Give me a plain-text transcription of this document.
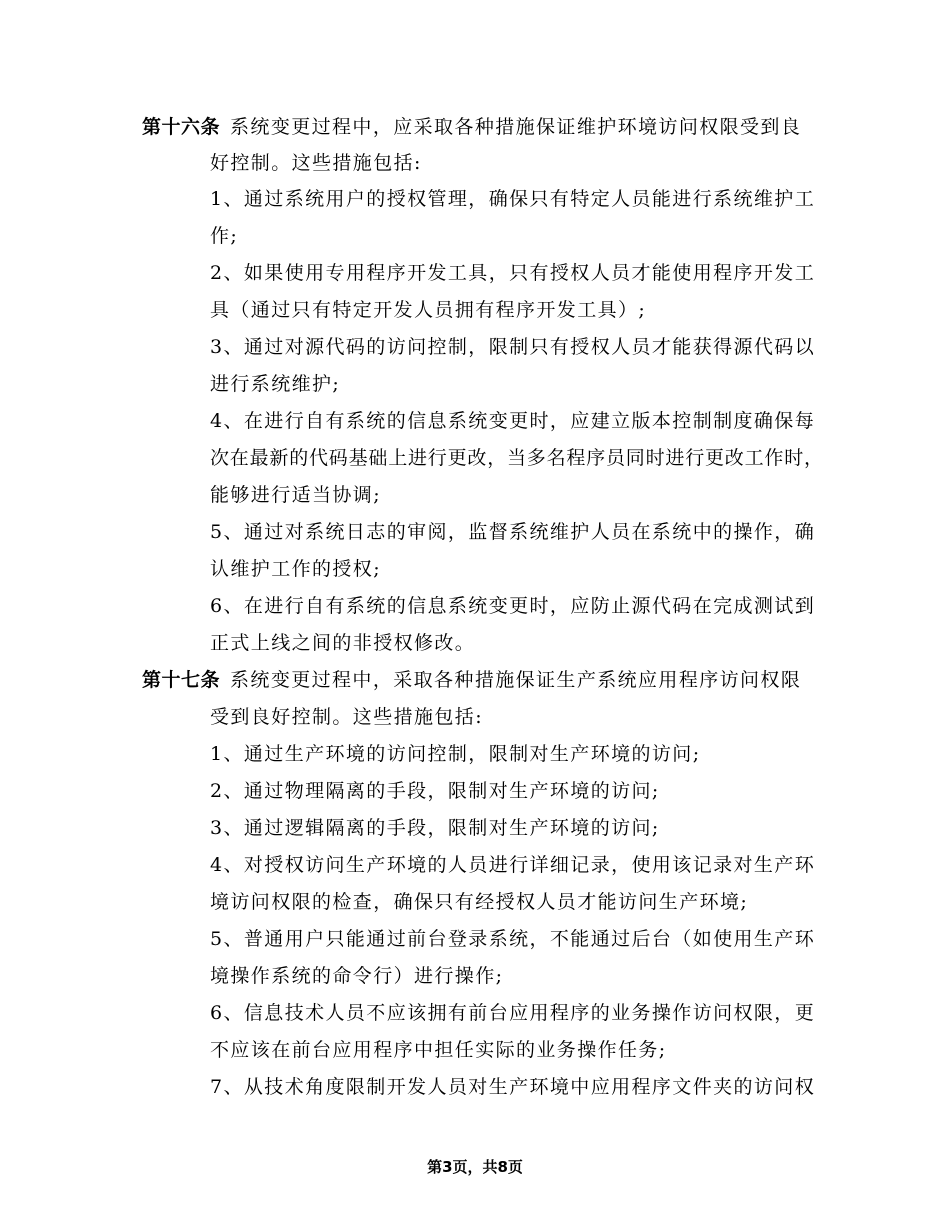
第十六条 系统变更过程中，应采取各种措施保证维护环境访问权限受到良
好控制。这些措施包括:
1、通过系统用户的授权管理，确保只有特定人员能进行系统维护工
作;
2、如果使用专用程序开发工具，只有授权人员才能使用程序开发工
具（通过只有特定开发人员拥有程序开发工具）;
3、通过对源代码的访问控制，限制只有授权人员才能获得源代码以
进行系统维护;
4、在进行自有系统的信息系统变更时，应建立版本控制制度确保每
次在最新的代码基础上进行更改，当多名程序员同时进行更改工作时，
能够进行适当协调;
5、通过对系统日志的审阅，监督系统维护人员在系统中的操作，确
认维护工作的授权;
6、在进行自有系统的信息系统变更时，应防止源代码在完成测试到
正式上线之间的非授权修改。
第十七条 系统变更过程中，采取各种措施保证生产系统应用程序访问权限
受到良好控制。这些措施包括:
1、通过生产环境的访问控制，限制对生产环境的访问;
2、通过物理隔离的手段，限制对生产环境的访问;
3、通过逻辑隔离的手段，限制对生产环境的访问;
4、对授权访问生产环境的人员进行详细记录，使用该记录对生产环
境访问权限的检查，确保只有经授权人员才能访问生产环境;
5、普通用户只能通过前台登录系统，不能通过后台（如使用生产环
境操作系统的命令行）进行操作;
6、信息技术人员不应该拥有前台应用程序的业务操作访问权限，更
不应该在前台应用程序中担任实际的业务操作任务;
7、从技术角度限制开发人员对生产环境中应用程序文件夹的访问权
第3页，共8页
